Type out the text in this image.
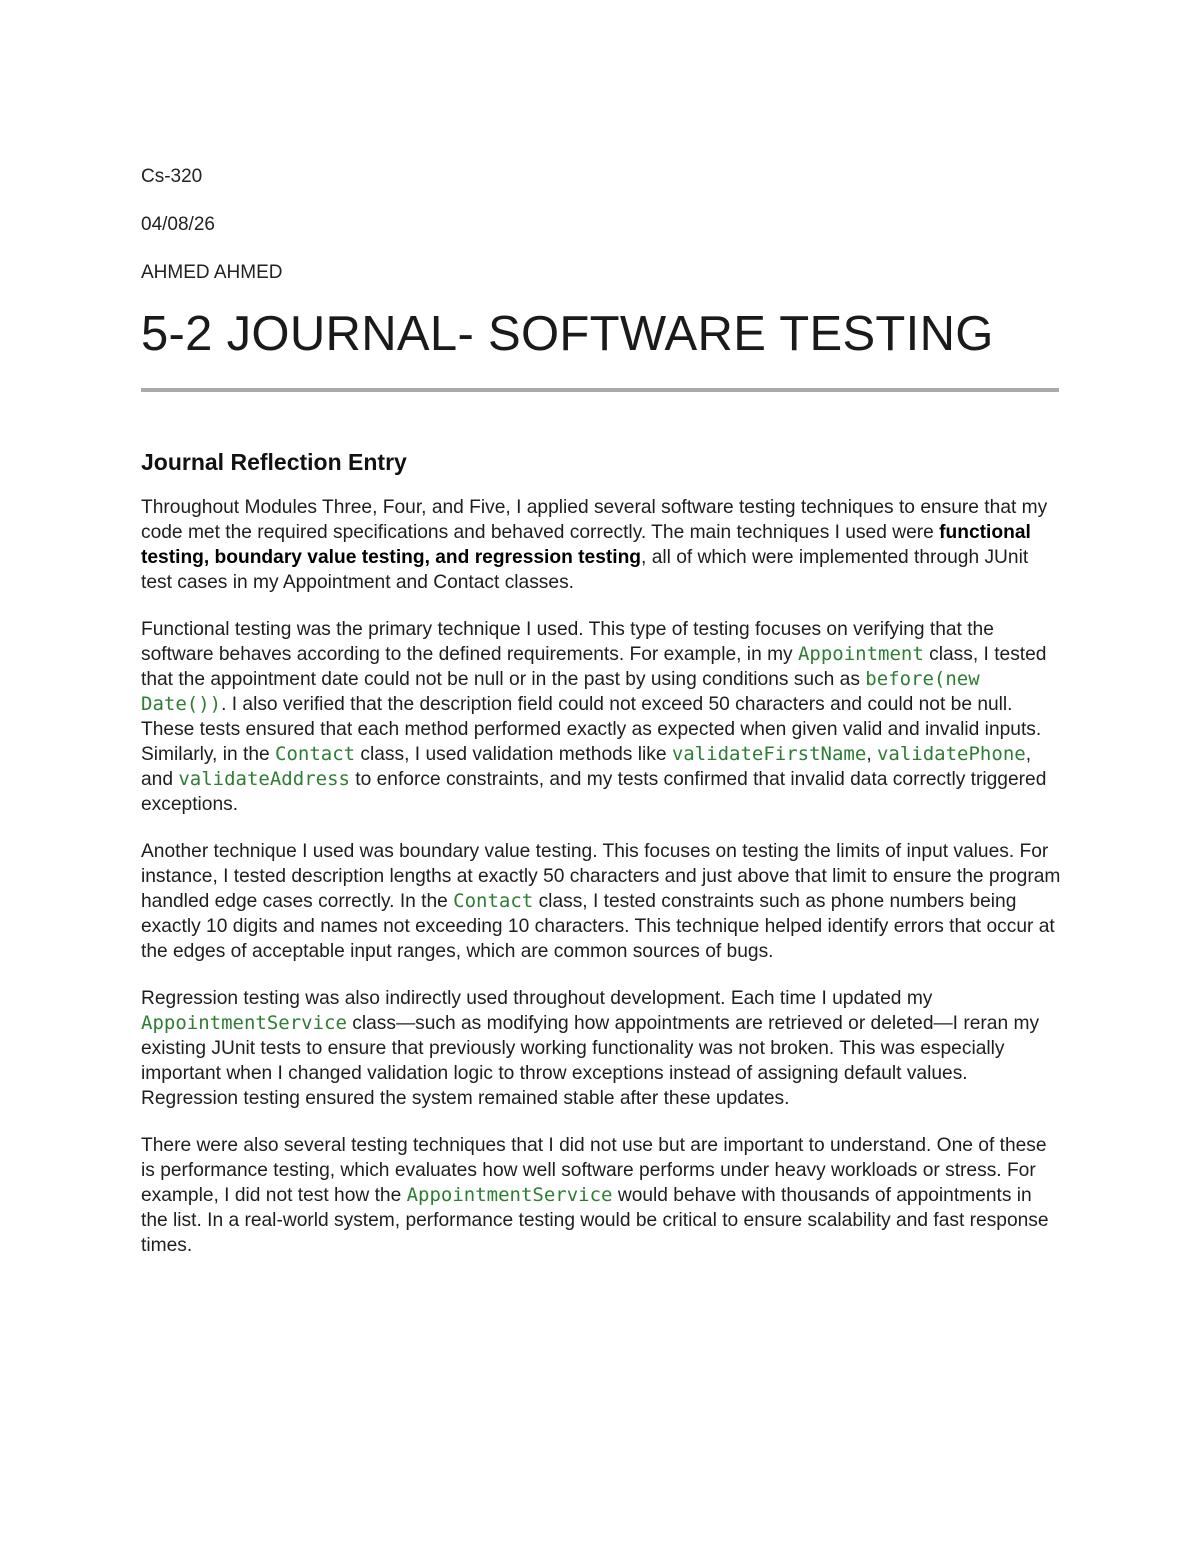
Cs-320

04/08/26

AHMED AHMED

5-2 JOURNAL- SOFTWARE TESTING
Journal Reflection Entry

Throughout Modules Three, Four, and Five, I applied several software testing techniques to ensure that my code met the required specifications and behaved correctly. The main techniques I used were functional testing, boundary value testing, and regression testing, all of which were implemented through JUnit test cases in my Appointment and Contact classes.

Functional testing was the primary technique I used. This type of testing focuses on verifying that the software behaves according to the defined requirements. For example, in my Appointment class, I tested that the appointment date could not be null or in the past by using conditions such as before(new Date()). I also verified that the description field could not exceed 50 characters and could not be null. These tests ensured that each method performed exactly as expected when given valid and invalid inputs. Similarly, in the Contact class, I used validation methods like validateFirstName, validatePhone, and validateAddress to enforce constraints, and my tests confirmed that invalid data correctly triggered exceptions.

Another technique I used was boundary value testing. This focuses on testing the limits of input values. For instance, I tested description lengths at exactly 50 characters and just above that limit to ensure the program handled edge cases correctly. In the Contact class, I tested constraints such as phone numbers being exactly 10 digits and names not exceeding 10 characters. This technique helped identify errors that occur at the edges of acceptable input ranges, which are common sources of bugs.

Regression testing was also indirectly used throughout development. Each time I updated my AppointmentService class—such as modifying how appointments are retrieved or deleted—I reran my existing JUnit tests to ensure that previously working functionality was not broken. This was especially important when I changed validation logic to throw exceptions instead of assigning default values. Regression testing ensured the system remained stable after these updates.

There were also several testing techniques that I did not use but are important to understand. One of these is performance testing, which evaluates how well software performs under heavy workloads or stress. For example, I did not test how the AppointmentService would behave with thousands of appointments in the list. In a real-world system, performance testing would be critical to ensure scalability and fast response times.
